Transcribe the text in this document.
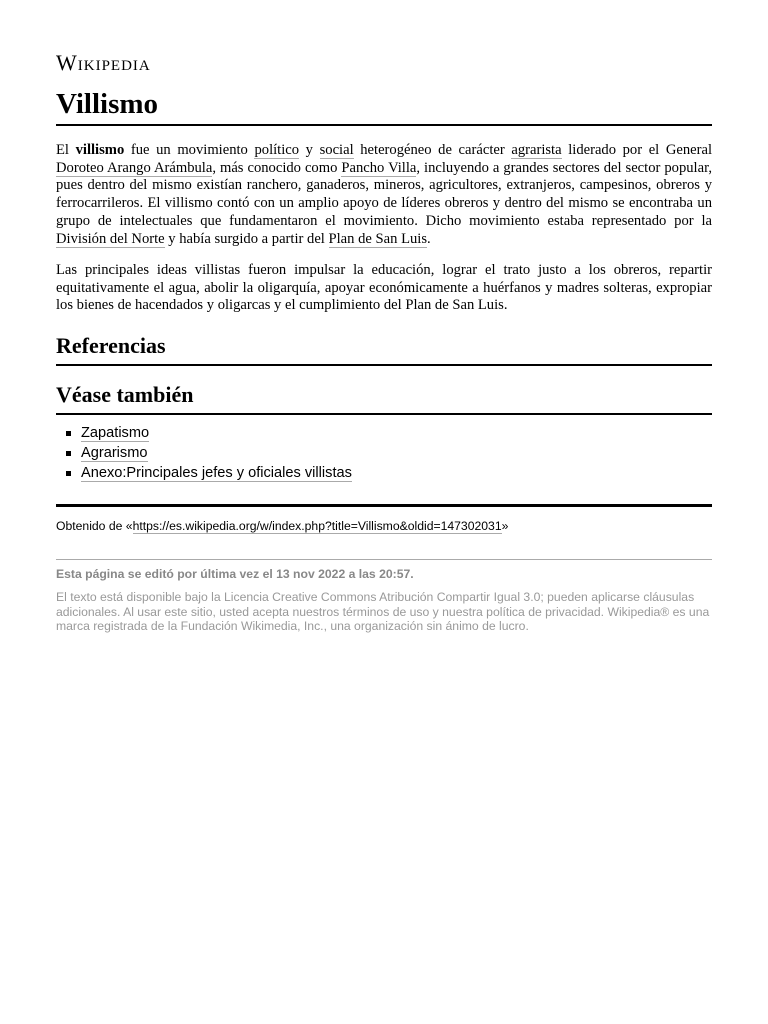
Wikipedia
Villismo

El villismo fue un movimiento político y social heterogéneo de carácter agrarista liderado por el General Doroteo Arango Arámbula, más conocido como Pancho Villa, incluyendo a grandes sectores del sector popular, pues dentro del mismo existían ranchero, ganaderos, mineros, agricultores, extranjeros, campesinos, obreros y ferrocarrileros. El villismo contó con un amplio apoyo de líderes obreros y dentro del mismo se encontraba un grupo de intelectuales que fundamentaron el movimiento. Dicho movimiento estaba representado por la División del Norte y había surgido a partir del Plan de San Luis.

Las principales ideas villistas fueron impulsar la educación, lograr el trato justo a los obreros, repartir equitativamente el agua, abolir la oligarquía, apoyar económicamente a huérfanos y madres solteras, expropiar los bienes de hacendados y oligarcas y el cumplimiento del Plan de San Luis.

Referencias
Véase también
Zapatismo
Agrarismo
Anexo:Principales jefes y oficiales villistas
Obtenido de «https://es.wikipedia.org/w/index.php?title=Villismo&oldid=147302031»
Esta página se editó por última vez el 13 nov 2022 a las 20:57.
El texto está disponible bajo la Licencia Creative Commons Atribución Compartir Igual 3.0; pueden aplicarse cláusulas adicionales. Al usar este sitio, usted acepta nuestros términos de uso y nuestra política de privacidad. Wikipedia® es una marca registrada de la Fundación Wikimedia, Inc., una organización sin ánimo de lucro.
